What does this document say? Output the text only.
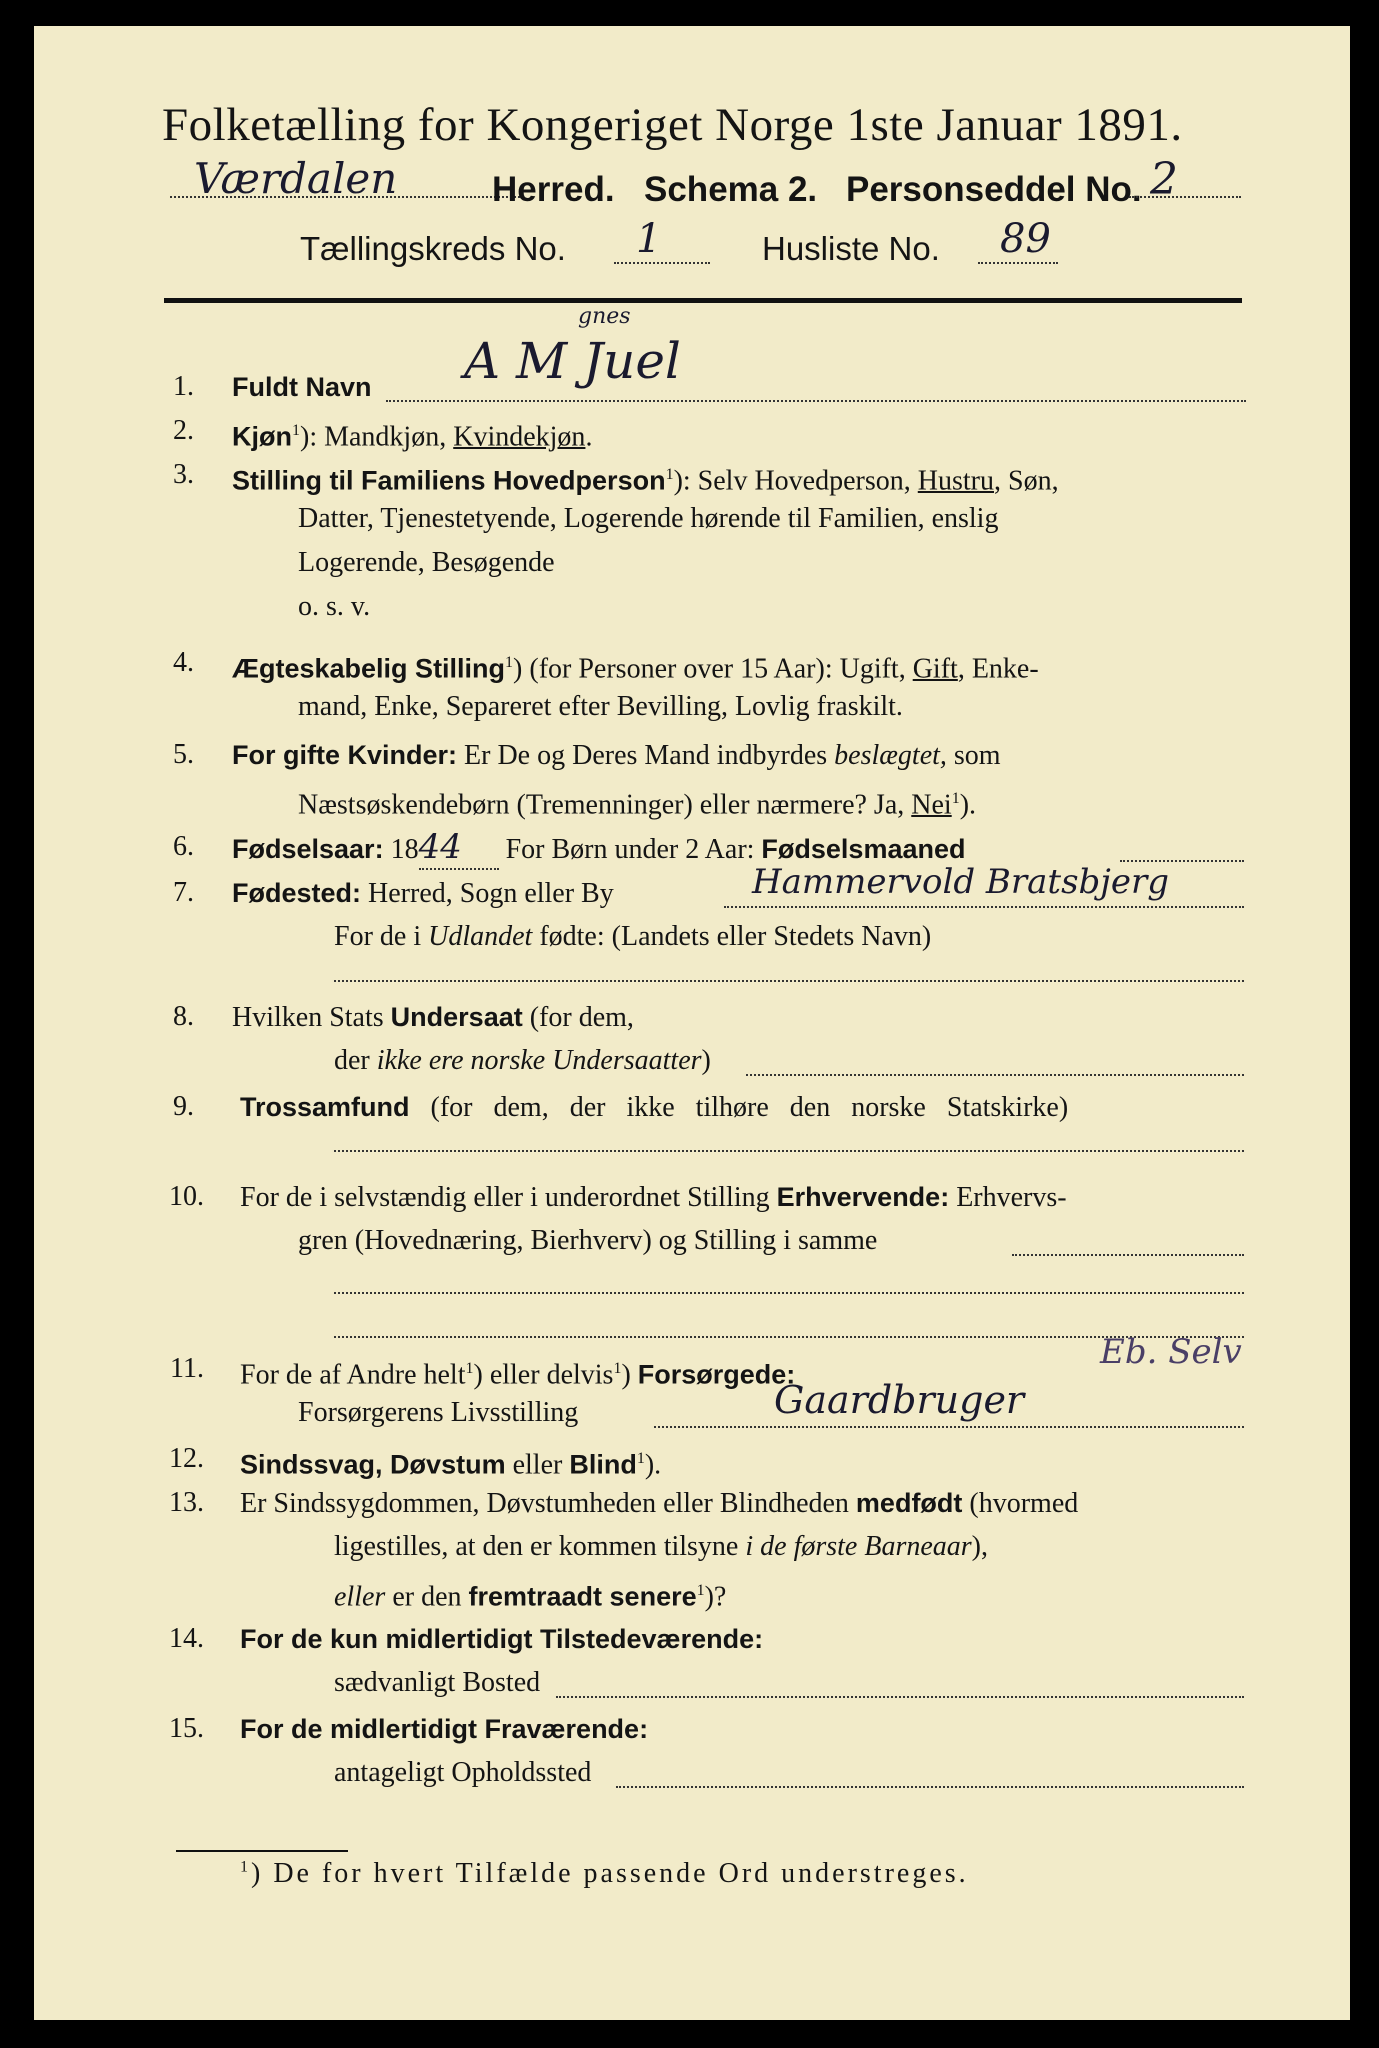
Folketælling for Kongeriget Norge 1ste Januar 1891.
Værdalen	Herred. Schema 2. Personseddel No. 2
Tællingskreds No. 1	Husliste No. 89
1. Fuldt Navn A M Juel
gnes
2. Kjøn$^1$): Mandkjøn, Kvindekjøn.
3. Stilling til Familiens Hovedperson$^1$): Selv Hovedperson, Hustru, Søn,
Datter, Tjenestetyende, Logerende hørende til Familien, enslig
Logerende, Besøgende
o. s. v.
4. Ægteskabelig Stilling$^1$) (for Personer over 15 Aar): Ugift, Gift, Enke-
mand, Enke, Separeret efter Bevilling, Lovlig fraskilt.
5. For gifte Kvinder: Er De og Deres Mand indbyrdes beslægtet, som
Næstsøskendebørn (Tremenninger) eller nærmere? Ja, Nei$^1$).
6. Fødselsaar: 1844 For Børn under 2 Aar: Fødselsmaaned
7. Fødested: Herred, Sogn eller By	Hammervold Bratsbjerg
For de i Udlandet fødte: (Landets eller Stedets Navn)
8. Hvilken Stats Undersaat (for dem,
der ikke ere norske Undersaatter)
9. Trossamfund (for dem, der ikke tilhøre den norske Statskirke)
10. For de i selvstændig eller i underordnet Stilling Erhvervende: Erhvervs-
gren (Hovednæring, Bierhverv) og Stilling i samme
11. For de af Andre helt$^1$) eller delvis$^1$) Forsørgede:
Eb. Selv
Forsørgerens Livsstilling	Gaardbruger
12. Sindssvag, Døvstum eller Blind$^1$).
13. Er Sindssygdommen, Døvstumheden eller Blindheden medfødt (hvormed
ligestilles, at den er kommen tilsyne i de første Barneaar),
eller er den fremtraadt senere$^1$)?
14. For de kun midlertidigt Tilstedeværende:
sædvanligt Bosted
15. For de midlertidigt Fraværende:
antageligt Opholdssted
$^1$) De for hvert Tilfælde passende Ord understreges.
